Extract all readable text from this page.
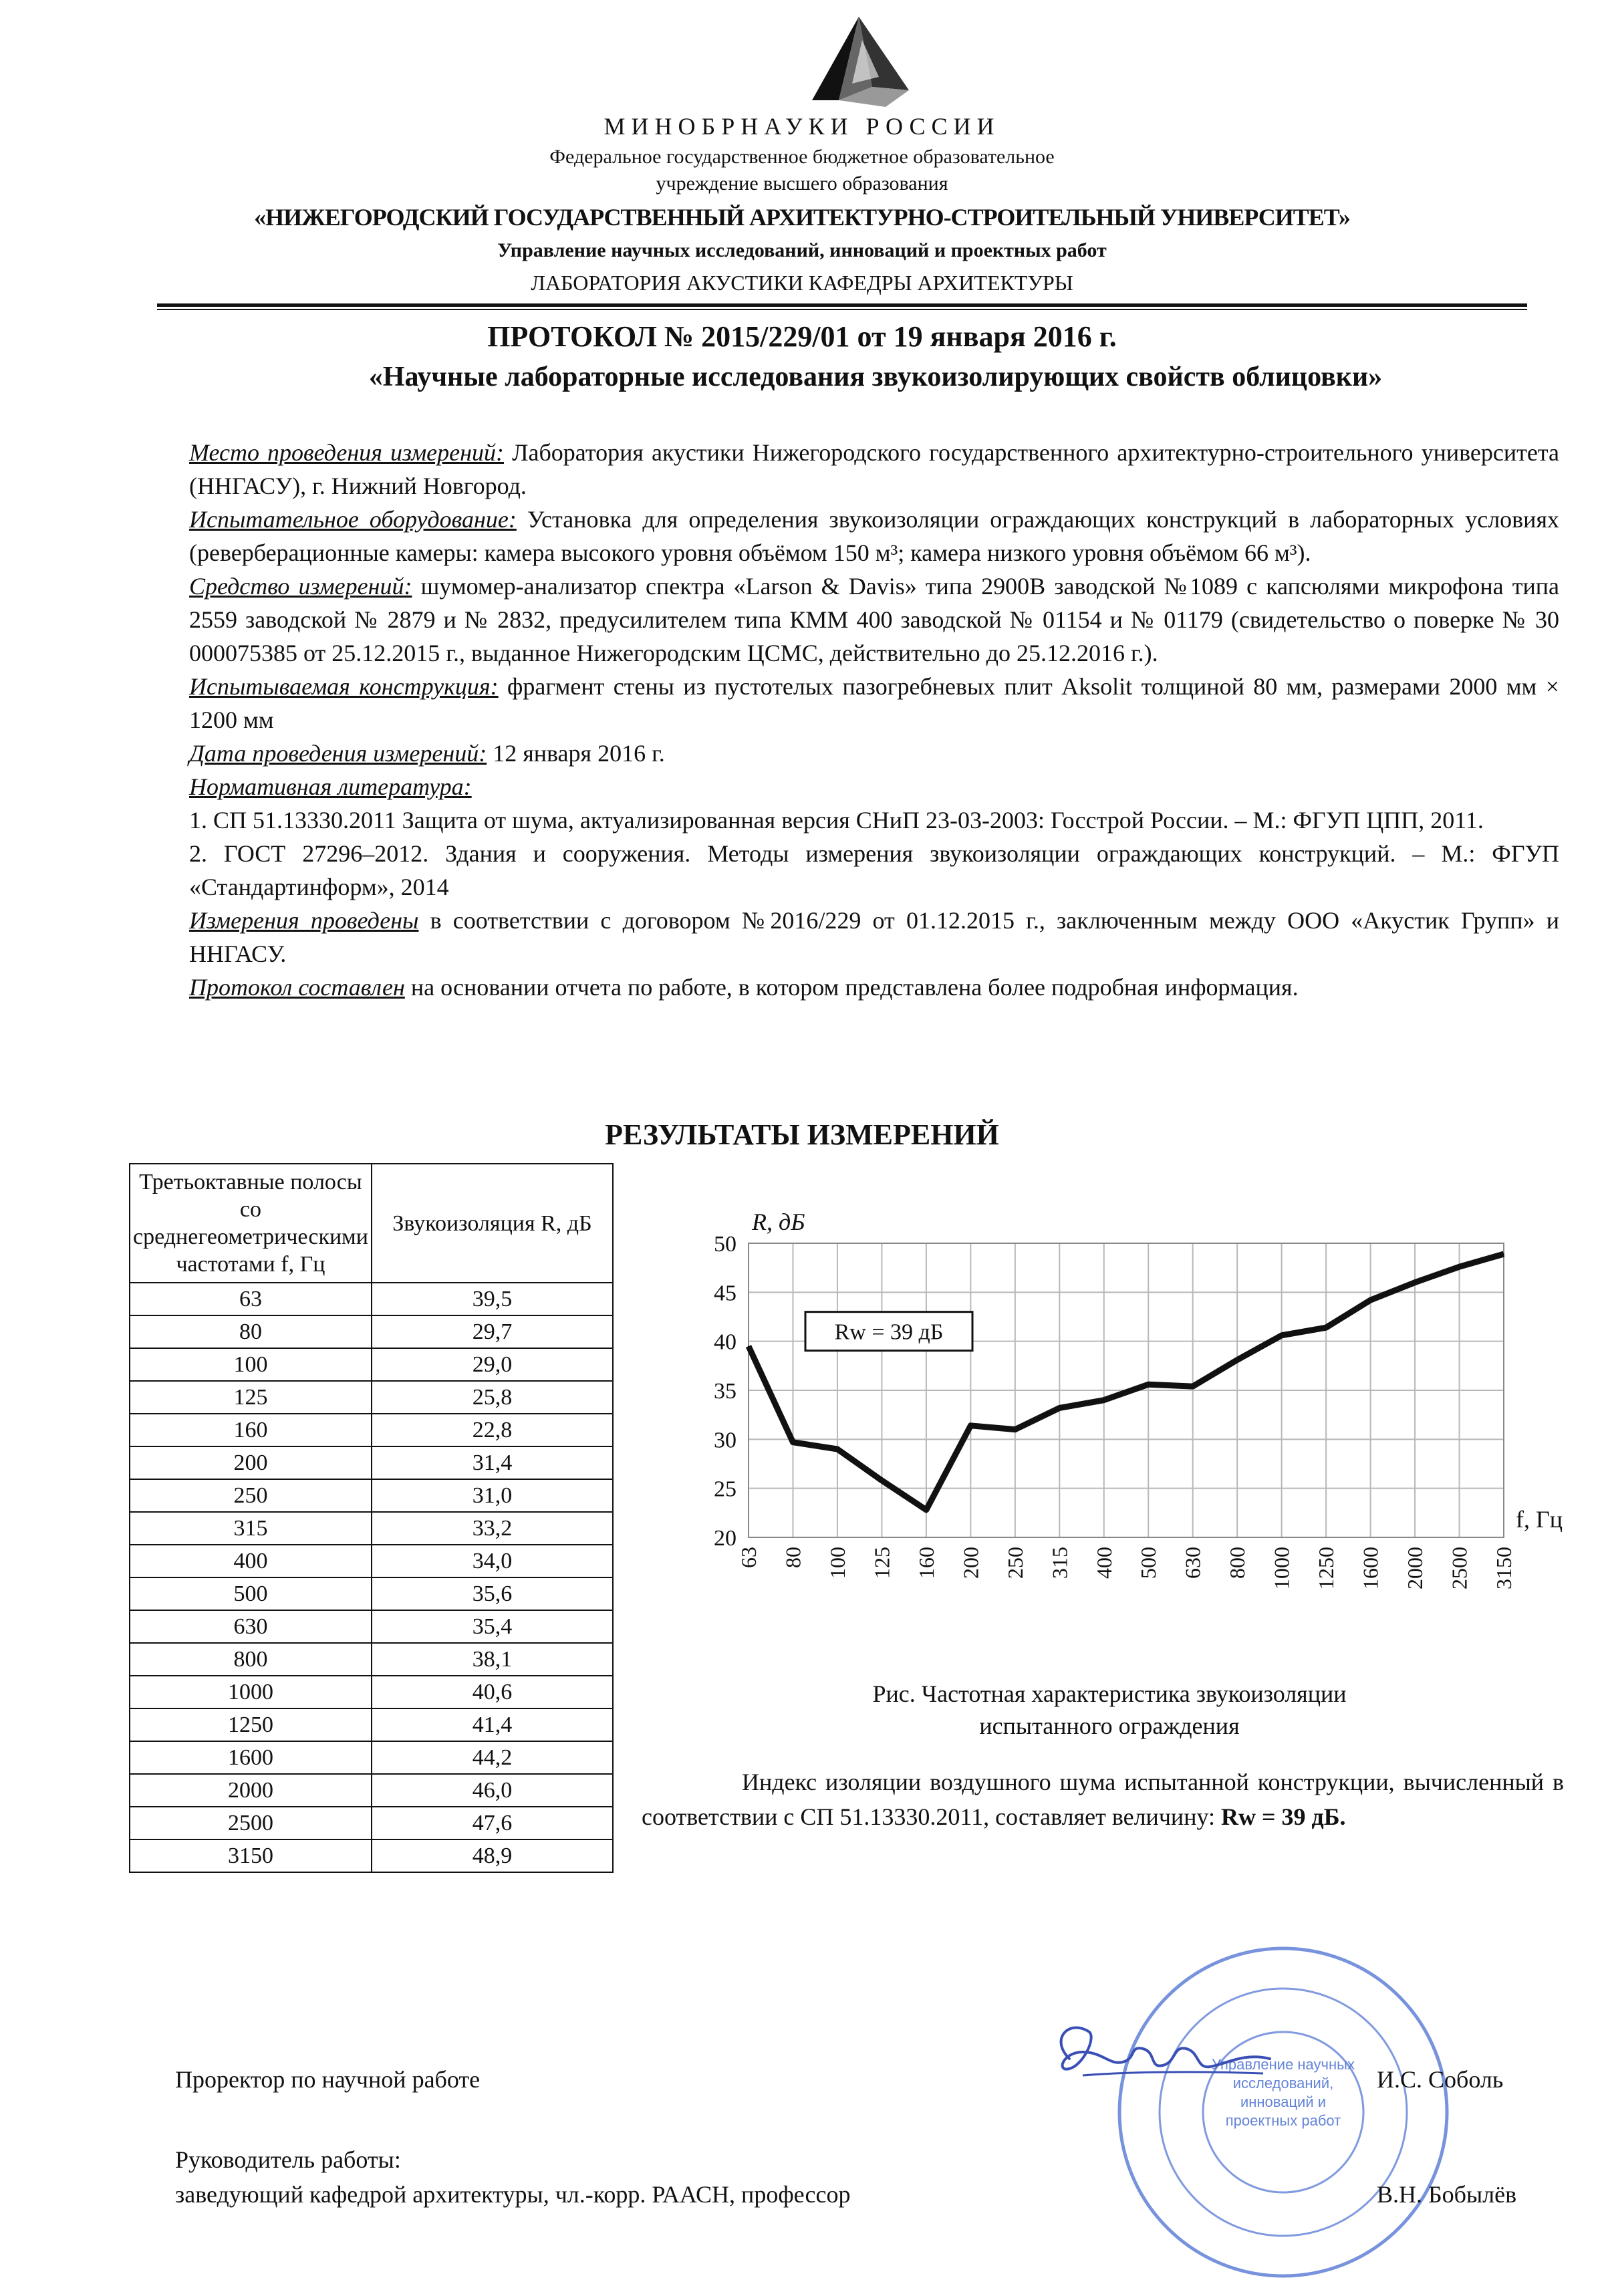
МИНОБРНАУКИ РОССИИ
Федеральное государственное бюджетное образовательное
учреждение высшего образования
«НИЖЕГОРОДСКИЙ ГОСУДАРСТВЕННЫЙ АРХИТЕКТУРНО-СТРОИТЕЛЬНЫЙ УНИВЕРСИТЕТ»
Управление научных исследований, инноваций и проектных работ
ЛАБОРАТОРИЯ АКУСТИКИ КАФЕДРЫ АРХИТЕКТУРЫ
ПРОТОКОЛ № 2015/229/01 от 19 января 2016 г.
«Научные лабораторные исследования звукоизолирующих свойств облицовки»

Место проведения измерений: Лаборатория акустики Нижегородского государственного архитектурно-строительного университета (ННГАСУ), г. Нижний Новгород.

Испытательное оборудование: Установка для определения звукоизоляции ограждающих конструкций в лабораторных условиях (реверберационные камеры: камера высокого уровня объёмом 150 м³; камера низкого уровня объёмом 66 м³).

Средство измерений: шумомер-анализатор спектра «Larson & Davis» типа 2900B заводской №1089 с капсюлями микрофона типа 2559 заводской № 2879 и № 2832, предусилителем типа КММ 400 заводской № 01154 и № 01179 (свидетельство о поверке № 30 000075385 от 25.12.2015 г., выданное Нижегородским ЦСМС, действительно до 25.12.2016 г.).

Испытываемая конструкция: фрагмент стены из пустотелых пазогребневых плит Aksolit толщиной 80 мм, размерами 2000 мм × 1200 мм

Дата проведения измерений: 12 января 2016 г.

Нормативная литература:

1. СП 51.13330.2011 Защита от шума, актуализированная версия СНиП 23-03-2003: Госстрой России. – М.: ФГУП ЦПП, 2011.

2. ГОСТ 27296–2012. Здания и сооружения. Методы измерения звукоизоляции ограждающих конструкций. – М.: ФГУП «Стандартинформ», 2014

Измерения проведены в соответствии с договором №2016/229 от 01.12.2015 г., заключенным между ООО «Акустик Групп» и ННГАСУ.

Протокол составлен на основании отчета по работе, в котором представлена более подробная информация.

РЕЗУЛЬТАТЫ ИЗМЕРЕНИЙ
Третьоктавные полосы со среднегеометрическими частотами f, Гц	Звукоизоляция R, дБ
63	39,5
80	29,7
100	29,0
125	25,8
160	22,8
200	31,4
250	31,0
315	33,2
400	34,0
500	35,6
630	35,4
800	38,1
1000	40,6
1250	41,4
1600	44,2
2000	46,0
2500	47,6
3150	48,9
20
25
30
35
40
45
50
63 80 100 125 160 200 250 315 400 500 630 800 1000 1250 1600 2000 2500 3150
R, дБ
f, Гц
Rw = 39 дБ
Рис. Частотная характеристика звукоизоляции
испытанного ограждения
Индекс изоляции воздушного шума испытанной конструкции, вычисленный в соответствии с СП 51.13330.2011, составляет величину: Rw = 39 дБ.
Управление научных исследований, инноваций и проектных работ
Проректор по научной работе	И.С. Соболь
Руководитель работы:
заведующий кафедрой архитектуры, чл.-корр. РААСН, профессор	В.Н. Бобылёв
